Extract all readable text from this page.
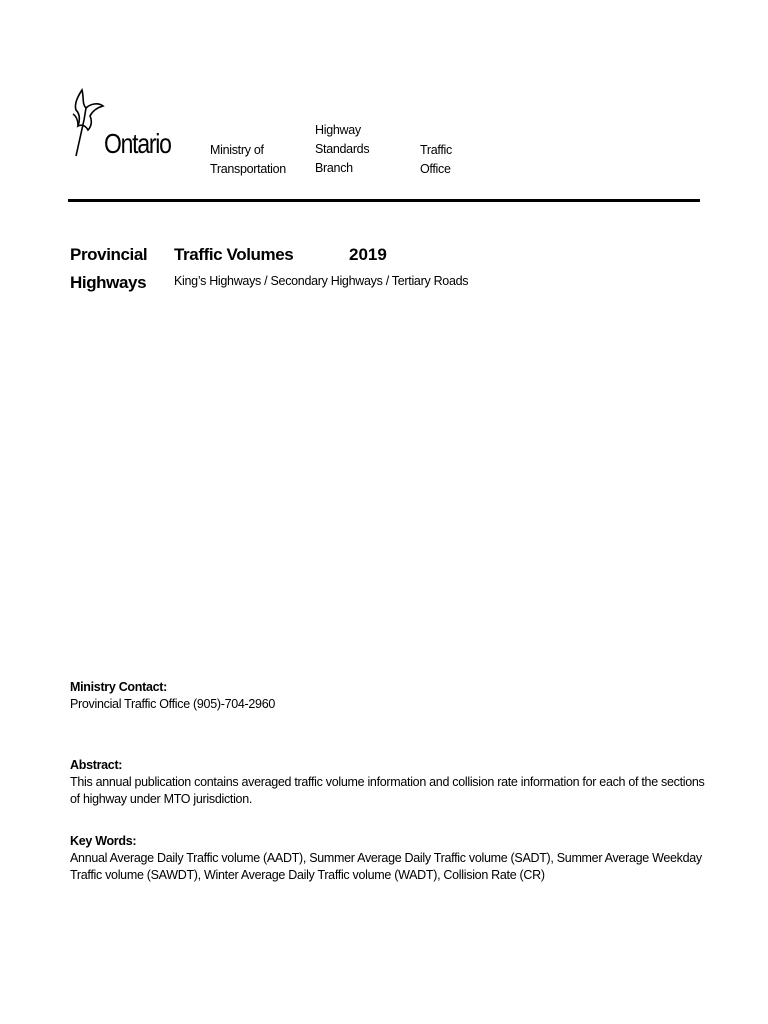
Ontario	Ministry of
Transportation
Highway
Standards
Branch
Traffic
Office
Provincial
Highways
Traffic Volumes	2019
King’s Highways / Secondary Highways / Tertiary Roads
Ministry Contact:
Provincial Traffic Office (905)-704-2960
Abstract:
This annual publication contains averaged traffic volume information and collision rate information for each of the sections of highway under MTO jurisdiction.
Key Words:
Annual Average Daily Traffic volume (AADT), Summer Average Daily Traffic volume (SADT), Summer Average Weekday Traffic volume (SAWDT), Winter Average Daily Traffic volume (WADT), Collision Rate (CR)
